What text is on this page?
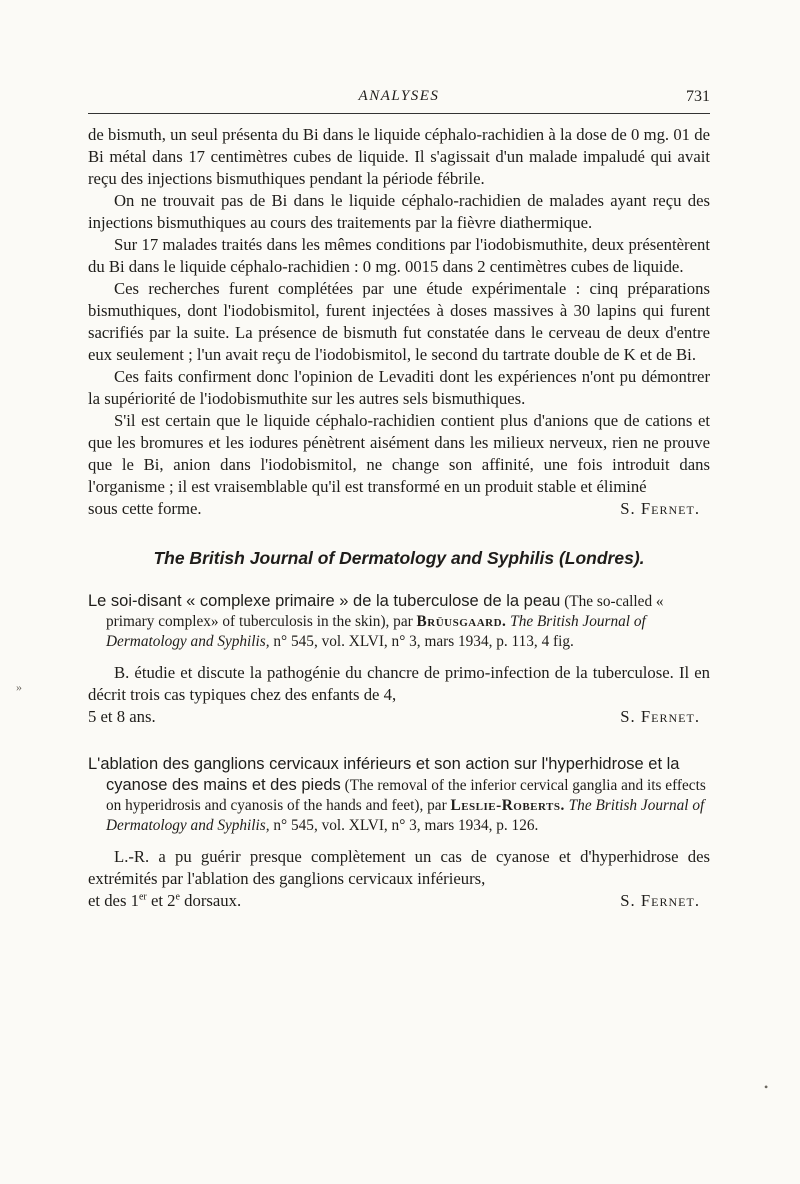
ANALYSES	731

de bismuth, un seul présenta du Bi dans le liquide céphalo-rachidien à la dose de 0 mg. 01 de Bi métal dans 17 centimètres cubes de liquide. Il s'agissait d'un malade impaludé qui avait reçu des injections bismuthiques pendant la période fébrile.

On ne trouvait pas de Bi dans le liquide céphalo-rachidien de malades ayant reçu des injections bismuthiques au cours des traitements par la fièvre diathermique.

Sur 17 malades traités dans les mêmes conditions par l'iodobismuthite, deux présentèrent du Bi dans le liquide céphalo-rachidien : 0 mg. 0015 dans 2 centimètres cubes de liquide.

Ces recherches furent complétées par une étude expérimentale : cinq préparations bismuthiques, dont l'iodobismitol, furent injectées à doses massives à 30 lapins qui furent sacrifiés par la suite. La présence de bismuth fut constatée dans le cerveau de deux d'entre eux seulement ; l'un avait reçu de l'iodobismitol, le second du tartrate double de K et de Bi.

Ces faits confirment donc l'opinion de Levaditi dont les expériences n'ont pu démontrer la supériorité de l'iodobismuthite sur les autres sels bismuthiques.

S'il est certain que le liquide céphalo-rachidien contient plus d'anions que de cations et que les bromures et les iodures pénètrent aisément dans les milieux nerveux, rien ne prouve que le Bi, anion dans l'iodobismitol, ne change son affinité, une fois introduit dans l'organisme ; il est vraisemblable qu'il est transformé en un produit stable et éliminé

sous cette forme.	S. Fernet.

The British Journal of Dermatology and Syphilis (Londres).

Le soi-disant « complexe primaire » de la tuberculose de la peau (The so-called « primary complex» of tuberculosis in the skin), par Brüusgaard. The British Journal of Dermatology and Syphilis, n° 545, vol. XLVI, n° 3, mars 1934, p. 113, 4 fig.

B. étudie et discute la pathogénie du chancre de primo-infection de la tuberculose. Il en décrit trois cas typiques chez des enfants de 4,

5 et 8 ans.	S. Fernet.

L'ablation des ganglions cervicaux inférieurs et son action sur l'hyperhidrose et la cyanose des mains et des pieds (The removal of the inferior cervical ganglia and its effects on hyperidrosis and cyanosis of the hands and feet), par Leslie-Roberts. The British Journal of Dermatology and Syphilis, n° 545, vol. XLVI, n° 3, mars 1934, p. 126.

L.-R. a pu guérir presque complètement un cas de cyanose et d'hyperhidrose des extrémités par l'ablation des ganglions cervicaux inférieurs,

et des 1er et 2e dorsaux.	S. Fernet.

»
•
